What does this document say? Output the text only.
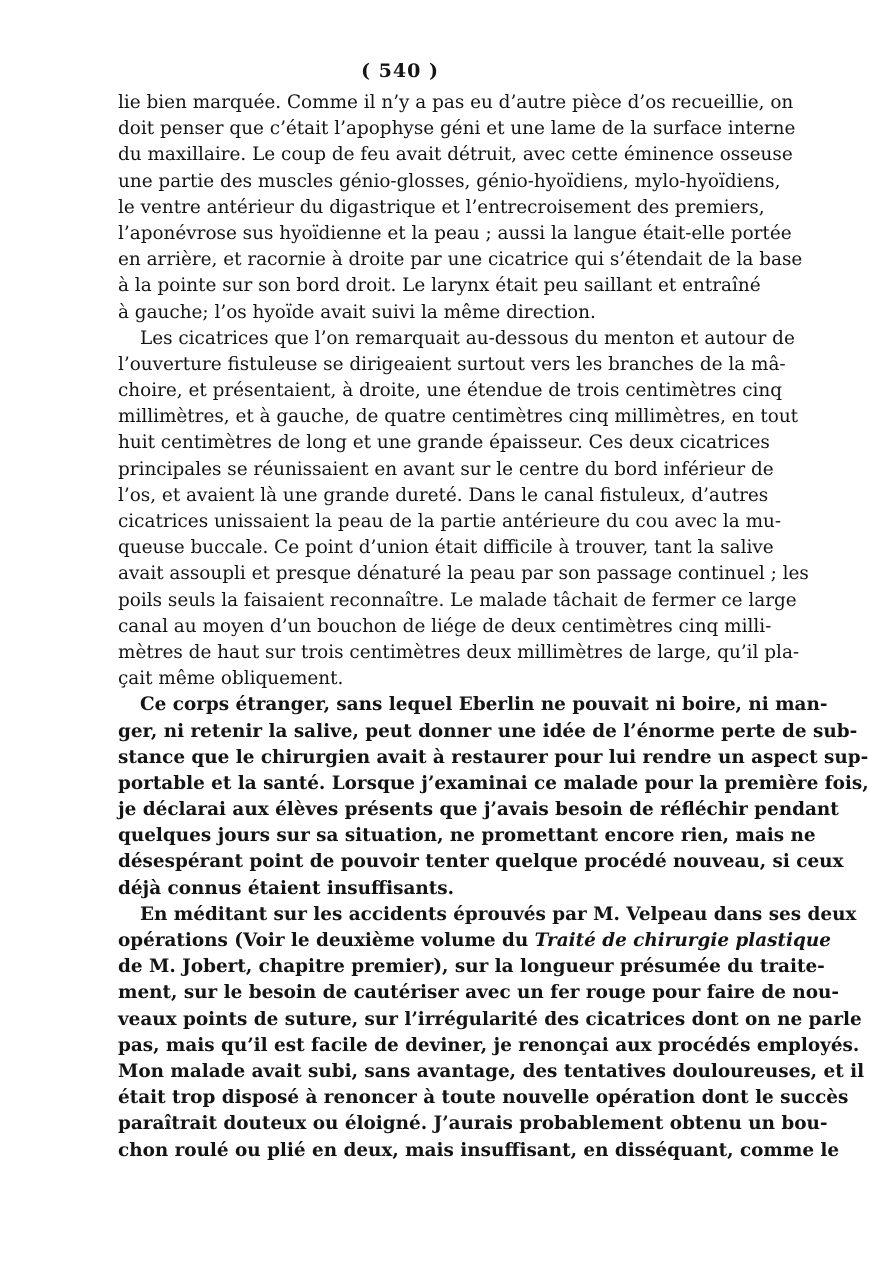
( 540 )
lie bien marquée. Comme il n’y a pas eu d’autre pièce d’os recueillie, on
doit penser que c’était l’apophyse géni et une lame de la surface interne
du maxillaire. Le coup de feu avait détruit, avec cette éminence osseuse
une partie des muscles génio-glosses, génio-hyoïdiens, mylo-hyoïdiens,
le ventre antérieur du digastrique et l’entrecroisement des premiers,
l’aponévrose sus hyoïdienne et la peau ; aussi la langue était-elle portée
en arrière, et racornie à droite par une cicatrice qui s’étendait de la base
à la pointe sur son bord droit. Le larynx était peu saillant et entraîné
à gauche; l’os hyoïde avait suivi la même direction.
Les cicatrices que l’on remarquait au-dessous du menton et autour de
l’ouverture fistuleuse se dirigeaient surtout vers les branches de la mâ-
choire, et présentaient, à droite, une étendue de trois centimètres cinq
millimètres, et à gauche, de quatre centimètres cinq millimètres, en tout
huit centimètres de long et une grande épaisseur. Ces deux cicatrices
principales se réunissaient en avant sur le centre du bord inférieur de
l’os, et avaient là une grande dureté. Dans le canal fistuleux, d’autres
cicatrices unissaient la peau de la partie antérieure du cou avec la mu-
queuse buccale. Ce point d’union était difficile à trouver, tant la salive
avait assoupli et presque dénaturé la peau par son passage continuel ; les
poils seuls la faisaient reconnaître. Le malade tâchait de fermer ce large
canal au moyen d’un bouchon de liége de deux centimètres cinq milli-
mètres de haut sur trois centimètres deux millimètres de large, qu’il pla-
çait même obliquement.
Ce corps étranger, sans lequel Eberlin ne pouvait ni boire, ni man-
ger, ni retenir la salive, peut donner une idée de l’énorme perte de sub-
stance que le chirurgien avait à restaurer pour lui rendre un aspect sup-
portable et la santé. Lorsque j’examinai ce malade pour la première fois,
je déclarai aux élèves présents que j’avais besoin de réfléchir pendant
quelques jours sur sa situation, ne promettant encore rien, mais ne
désespérant point de pouvoir tenter quelque procédé nouveau, si ceux
déjà connus étaient insuffisants.
En méditant sur les accidents éprouvés par M. Velpeau dans ses deux
opérations (Voir le deuxième volume du Traité de chirurgie plastique
de M. Jobert, chapitre premier), sur la longueur présumée du traite-
ment, sur le besoin de cautériser avec un fer rouge pour faire de nou-
veaux points de suture, sur l’irrégularité des cicatrices dont on ne parle
pas, mais qu’il est facile de deviner, je renonçai aux procédés employés.
Mon malade avait subi, sans avantage, des tentatives douloureuses, et il
était trop disposé à renoncer à toute nouvelle opération dont le succès
paraîtrait douteux ou éloigné. J’aurais probablement obtenu un bou-
chon roulé ou plié en deux, mais insuffisant, en disséquant, comme le
